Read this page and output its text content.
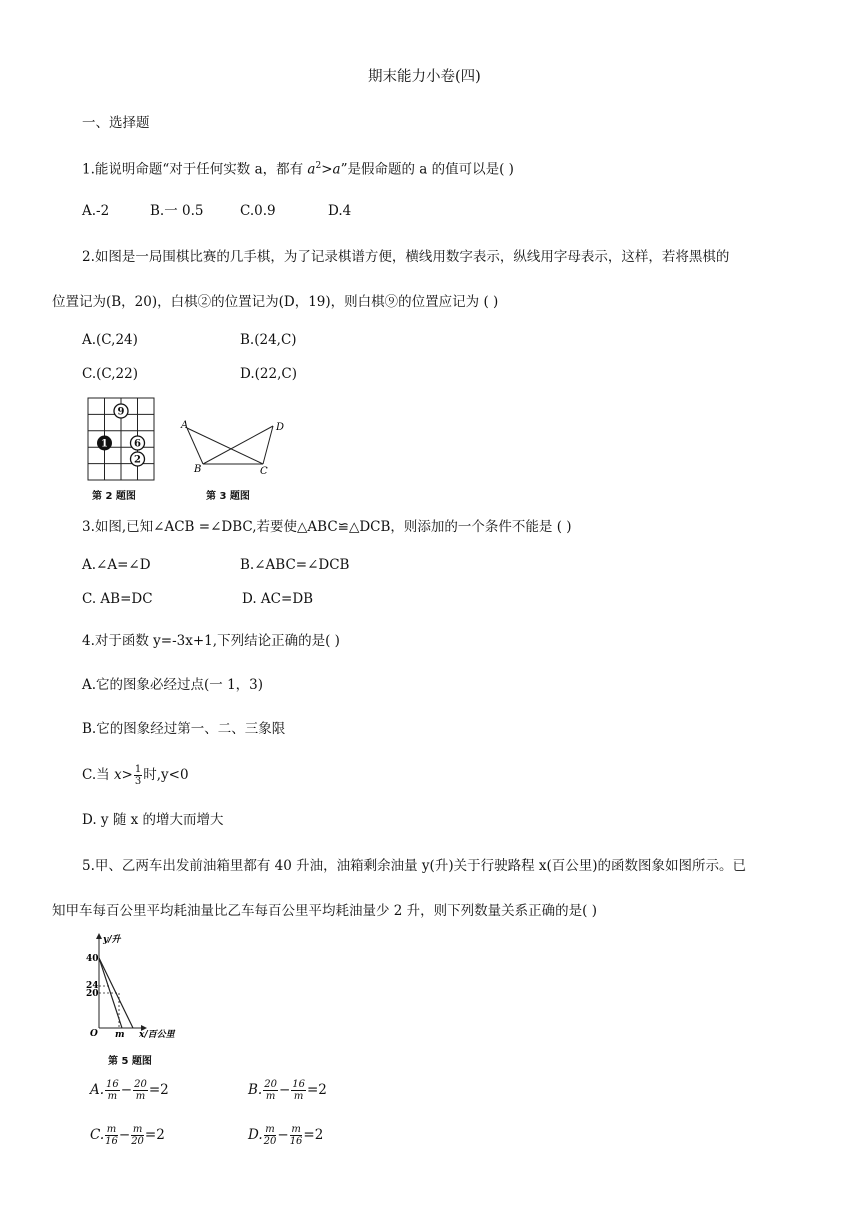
期末能力小卷(四)
一、选择题
1.能说明命题“对于任何实数 a，都有 $a^2>a$”是假命题的 a 的值可以是( )
A.-2	B.一 0.5	C.0.9	D.4
2.如图是一局围棋比赛的几手棋，为了记录棋谱方便，横线用数字表示，纵线用字母表示，这样，若将黑棋的
位置记为(B，20)，白棋②的位置记为(D，19)，则白棋⑨的位置应记为 ( )
A.(C,24)	B.(24,C)
C.(C,22)	D.(22,C)
1
9
6
2
第 2 题图
A	D
B	C
第 3 题图
3.如图,已知∠ACB =∠DBC,若要使△ABC≌△DCB，则添加的一个条件不能是 ( )
A.∠A=∠D	B.∠ABC=∠DCB
C. AB=DC	D. AC=DB
4.对于函数 y=-3x+1,下列结论正确的是( )
A.它的图象必经过点(一 1，3)
B.它的图象经过第一、二、三象限
C.当 $x> \frac{1}{3}$ 时,y<0
D. y 随 x 的增大而增大
5.甲、乙两车出发前油箱里都有 40 升油，油箱剩余油量 y(升)关于行驶路程 x(百公里)的函数图象如图所示。已
知甲车每百公里平均耗油量比乙车每百公里平均耗油量少 2 升，则下列数量关系正确的是( )
y/升
40
24
20
O m x/百公里
第 5 题图
A. $\frac{16}{m} - \frac{20}{m} =2$	B. $\frac{20}{m} - \frac{16}{m} =2$
C. $\frac{m}{16} - \frac{m}{20} =2$	D. $\frac{m}{20} - \frac{m}{16} =2$
